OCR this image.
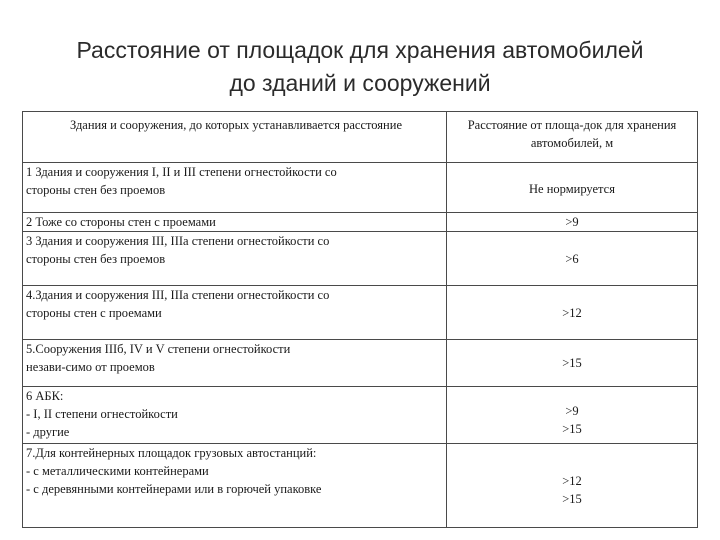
Расстояние от площадок для хранения автомобилей
до зданий и сооружений
Здания и сооружения, до которых устанавливается расстояние	Расстояние от площа-док для хранения автомобилей, м

1 Здания и сооружения I, II и III степени огнестойкости со
стороны стен без проемов	Не нормируется

2 Тоже со стороны стен с проемами	>9

3 Здания и сооружения III, IIIа степени огнестойкости со
стороны стен без проемов	>6

4.Здания и сооружения III, IIIа степени огнестойкости со
стороны стен с проемами	>12

5.Сооружения IIIб, IV и V степени огнестойкости
незави-симо от проемов	>15

6 АБК:
- I, II степени огнестойкости
- другие	>9
>15

7.Для контейнерных площадок грузовых автостанций:
- с металлическими контейнерами
- с деревянными контейнерами или в горючей упаковке	>12
>15
